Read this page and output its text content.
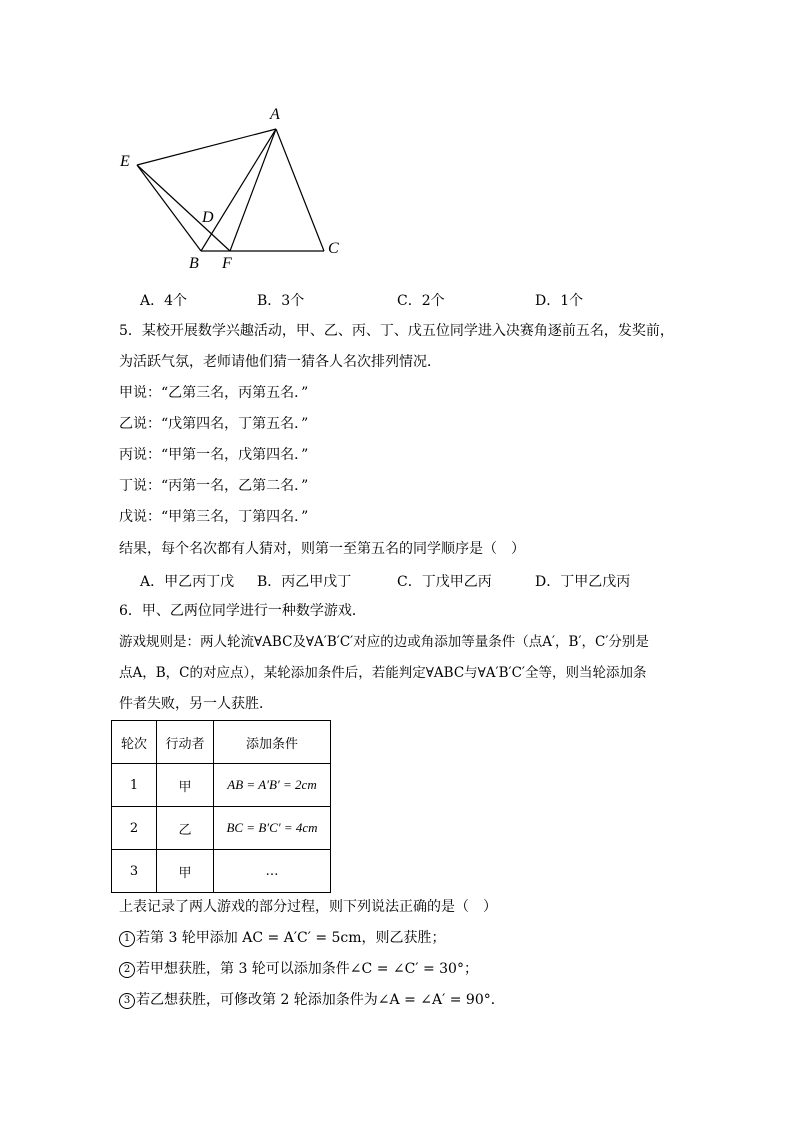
A
E
D
B F
C
A．4个	B．3个	C．2个	D．1个
5．某校开展数学兴趣活动，甲、乙、丙、丁、戊五位同学进入决赛角逐前五名，发奖前，
为活跃气氛，老师请他们猜一猜各人名次排列情况．
甲说：“乙第三名，丙第五名．”
乙说：“戊第四名，丁第五名．”
丙说：“甲第一名，戊第四名．”
丁说：“丙第一名，乙第二名．”
戊说：“甲第三名，丁第四名．”
结果，每个名次都有人猜对，则第一至第五名的同学顺序是（　）
A．甲乙丙丁戊 B．丙乙甲戊丁	C．丁戊甲乙丙	D．丁甲乙戊丙
6．甲、乙两位同学进行一种数学游戏．
游戏规则是：两人轮流∀ABC及∀A′B′C′对应的边或角添加等量条件（点A′，B′，C′分别是
点A，B，C的对应点），某轮添加条件后，若能判定∀ABC与∀A′B′C′全等，则当轮添加条
件者失败，另一人获胜．
轮次	行动者	添加条件
1	甲	AB = A′B′ = 2cm
2	乙	BC = B′C′ = 4cm
3	甲	…
上表记录了两人游戏的部分过程，则下列说法正确的是（　）
1 若第 3 轮甲添加 AC = A′C′ = 5cm，则乙获胜；
2 若甲想获胜，第 3 轮可以添加条件∠C = ∠C′ = 30°；
3 若乙想获胜，可修改第 2 轮添加条件为∠A = ∠A′ = 90°．
